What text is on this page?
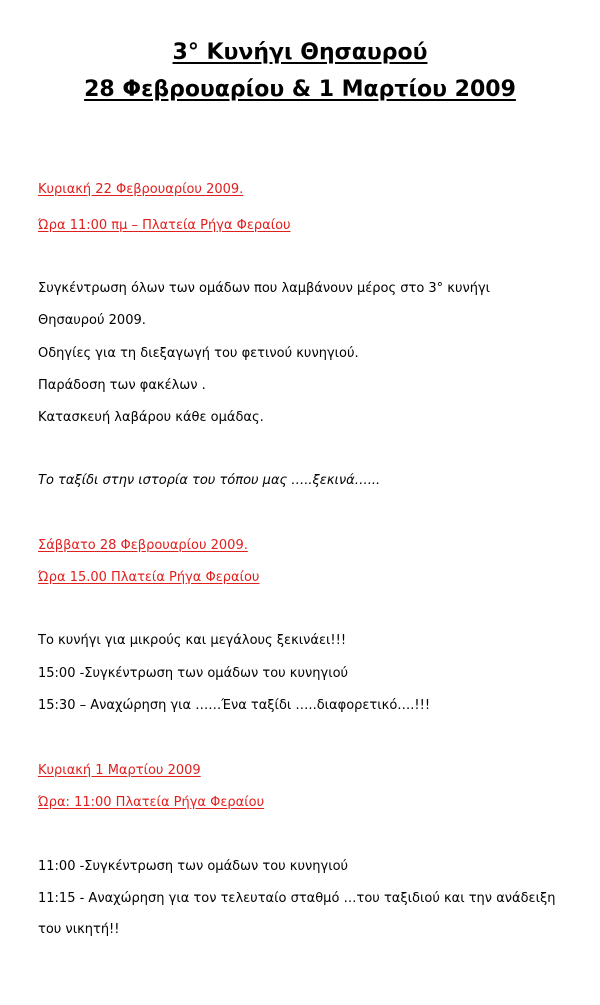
3° Κυνήγι Θησαυρού
28 Φεβρουαρίου & 1 Μαρτίου 2009
Κυριακή 22 Φεβρουαρίου 2009.
Ώρα 11:00 πμ – Πλατεία Ρήγα Φεραίου
Συγκέντρωση όλων των ομάδων που λαμβάνουν μέρος στο 3° κυνήγι
Θησαυρού 2009.
Οδηγίες για τη διεξαγωγή του φετινού κυνηγιού.
Παράδοση των φακέλων .
Κατασκευή λαβάρου κάθε ομάδας.
Το ταξίδι στην ιστορία του τόπου μας …..ξεκινά…...
Σάββατο 28 Φεβρουαρίου 2009.
Ώρα 15.00 Πλατεία Ρήγα Φεραίου
Το κυνήγι για μικρούς και μεγάλους ξεκινάει!!!
15:00 -Συγκέντρωση των ομάδων του κυνηγιού
15:30 – Αναχώρηση για ……Ένα ταξίδι …..διαφορετικό….!!!
Κυριακή 1 Μαρτίου 2009
Ώρα: 11:00 Πλατεία Ρήγα Φεραίου
11:00 -Συγκέντρωση των ομάδων του κυνηγιού
11:15 - Αναχώρηση για τον τελευταίο σταθμό …του ταξιδιού και την ανάδειξη
του νικητή!!
